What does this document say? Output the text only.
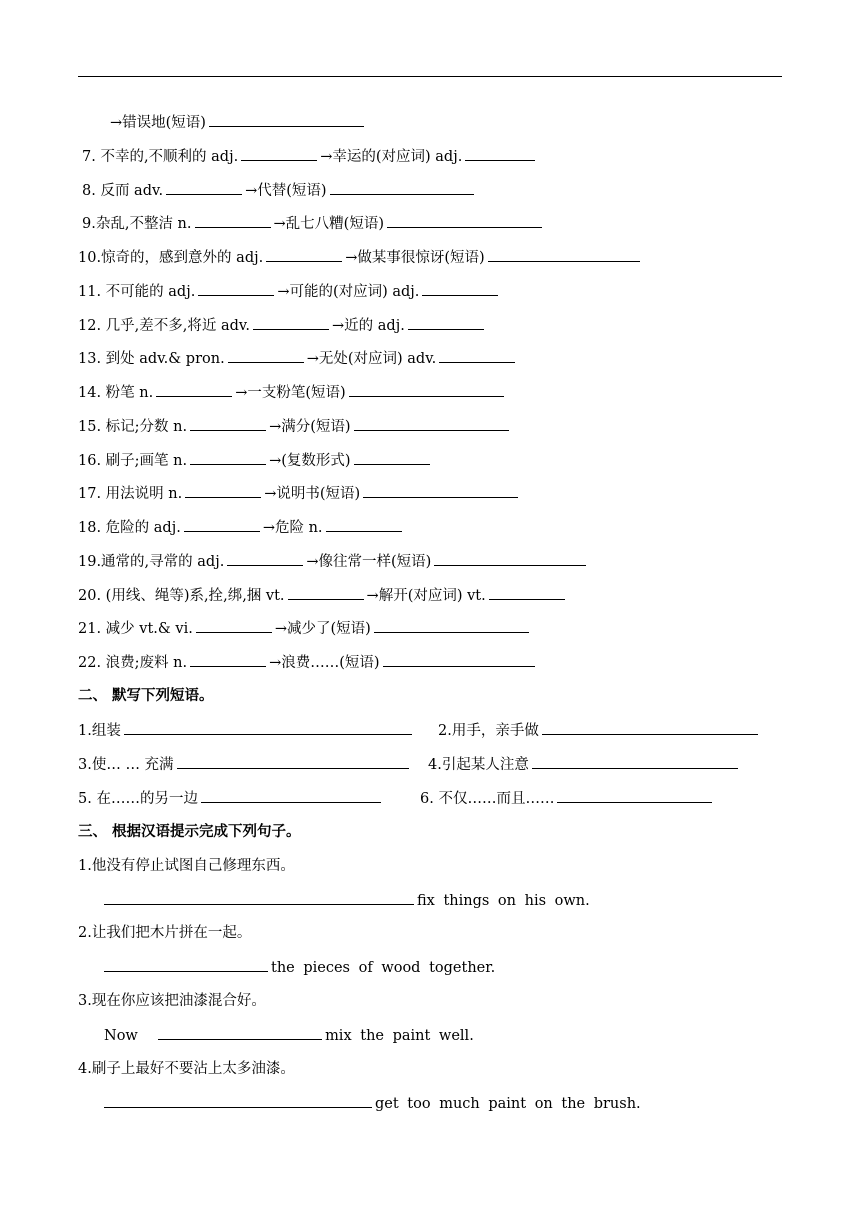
→错误地(短语)
7. 不幸的,不顺利的 adj.	→幸运的(对应词) adj.
8. 反而 adv.	→代替(短语)
9.杂乱,不整洁 n.	→乱七八糟(短语)
10.惊奇的，感到意外的 adj.	→做某事很惊讶(短语)
11. 不可能的 adj.	→可能的(对应词) adj.
12. 几乎,差不多,将近 adv.	→近的 adj.
13. 到处 adv.& pron.	→无处(对应词) adv.
14. 粉笔 n.	→一支粉笔(短语)
15. 标记;分数 n.	→满分(短语)
16. 刷子;画笔 n.	→(复数形式)
17. 用法说明 n.	→说明书(短语)
18. 危险的 adj.	→危险 n.
19.通常的,寻常的 adj.	→像往常一样(短语)
20. (用线、绳等)系,拴,绑,捆 vt.	→解开(对应词) vt.
21. 减少 vt.& vi.	→减少了(短语)
22. 浪费;废料 n.	→浪费……(短语)
二、 默写下列短语。
1.组装	2.用手，亲手做
3.使… … 充满	4.引起某人注意
5. 在……的另一边	6. 不仅……而且……
三、 根据汉语提示完成下列句子。
1.他没有停止试图自己修理东西。
fix things on his own.
2.让我们把木片拼在一起。
the pieces of wood together.
3.现在你应该把油漆混合好。
Now	mix the paint well.
4.刷子上最好不要沾上太多油漆。
get too much paint on the brush.
